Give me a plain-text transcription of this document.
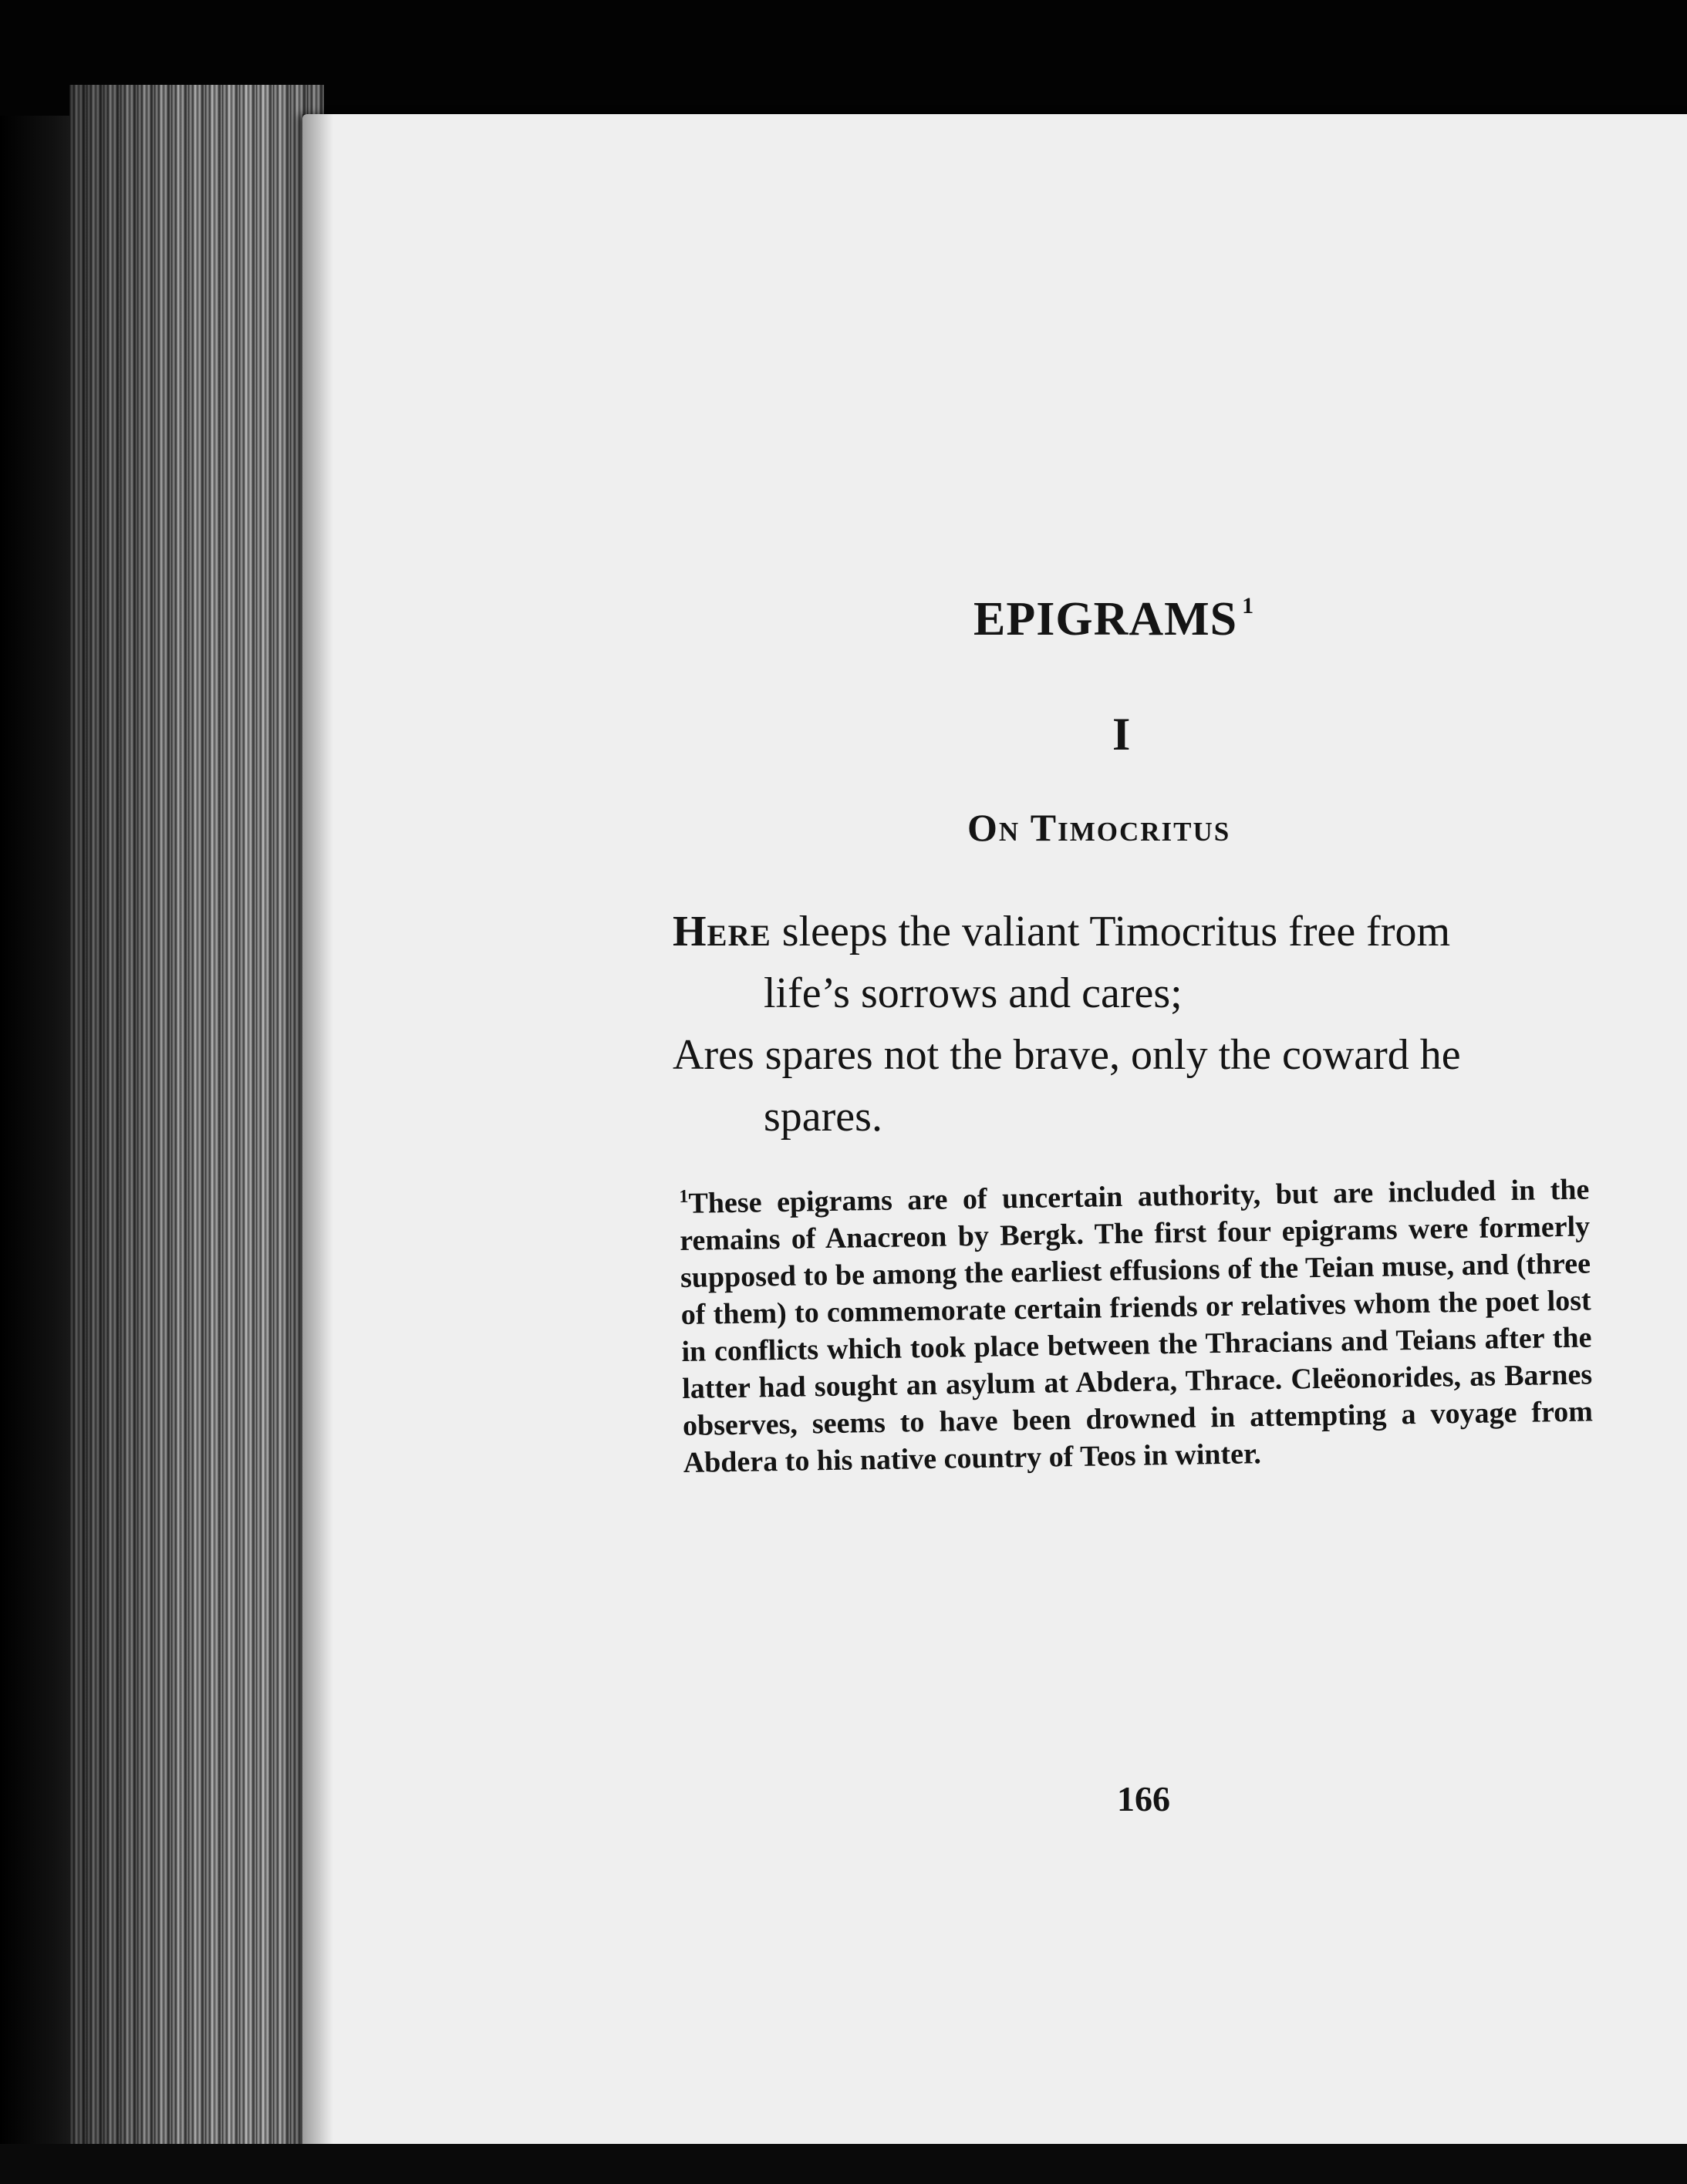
EPIGRAMS $^1$
I
On Timocritus
Here sleeps the valiant Timocritus free from
life’s sorrows and cares;
Ares spares not the brave, only the coward he
spares.

$^1$These epigrams are of uncertain authority, but are included in the remains of Anacreon by Bergk. The first four epigrams were formerly supposed to be among the earliest effusions of the Teian muse, and (three of them) to commemorate certain friends or relatives whom the poet lost in conflicts which took place between the Thracians and Teians after the latter had sought an asylum at Abdera, Thrace. Cleëonorides, as Barnes observes, seems to have been drowned in attempting a voyage from Abdera to his native country of Teos in winter.

166
